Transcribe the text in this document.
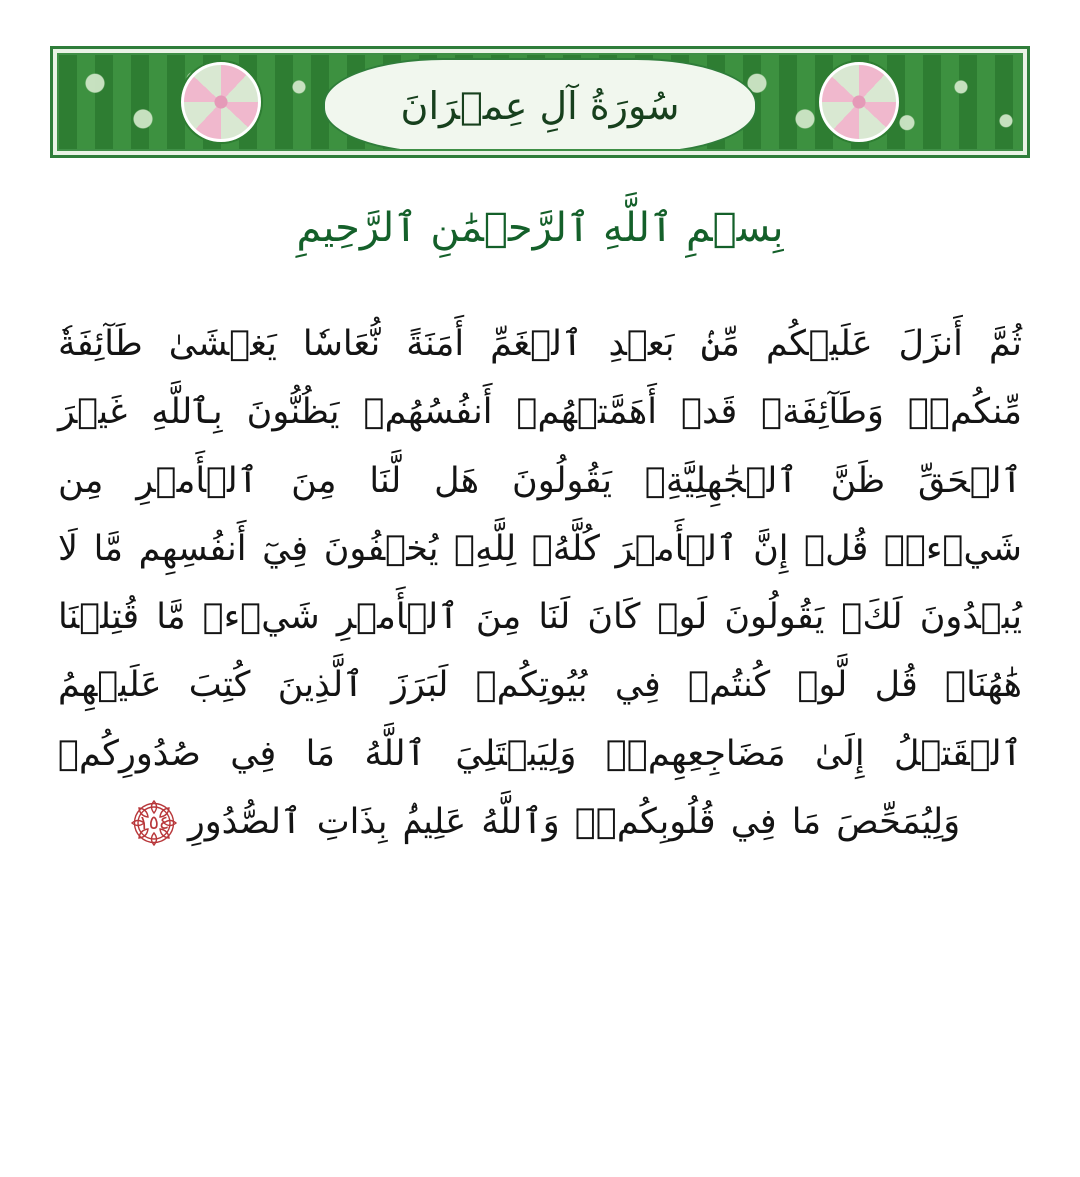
سُورَةُ آلِ عِمۡرَانَ
بِسۡمِ ٱللَّهِ ٱلرَّحۡمَٰنِ ٱلرَّحِيمِ
ثُمَّ أَنزَلَ عَلَيۡكُم مِّنۢ بَعۡدِ ٱلۡغَمِّ أَمَنَةً نُّعَاسٗا يَغۡشَىٰ طَآئِفَةٗ مِّنكُمۡۖ وَطَآئِفَةٞ قَدۡ أَهَمَّتۡهُمۡ أَنفُسُهُمۡ يَظُنُّونَ بِٱللَّهِ غَيۡرَ ٱلۡحَقِّ ظَنَّ ٱلۡجَٰهِلِيَّةِۖ يَقُولُونَ هَل لَّنَا مِنَ ٱلۡأَمۡرِ مِن شَيۡءٖۗ قُلۡ إِنَّ ٱلۡأَمۡرَ كُلَّهُۥ لِلَّهِۗ يُخۡفُونَ فِيٓ أَنفُسِهِم مَّا لَا يُبۡدُونَ لَكَۖ يَقُولُونَ لَوۡ كَانَ لَنَا مِنَ ٱلۡأَمۡرِ شَيۡءٞ مَّا قُتِلۡنَا هَٰهُنَاۗ قُل لَّوۡ كُنتُمۡ فِي بُيُوتِكُمۡ لَبَرَزَ ٱلَّذِينَ كُتِبَ عَلَيۡهِمُ ٱلۡقَتۡلُ إِلَىٰ مَضَاجِعِهِمۡۖ وَلِيَبۡتَلِيَ ٱللَّهُ مَا فِي صُدُورِكُمۡ وَلِيُمَحِّصَ مَا فِي قُلُوبِكُمۡۚ وَٱللَّهُ عَلِيمُۢ بِذَاتِ ٱلصُّدُورِ
١٥٤
